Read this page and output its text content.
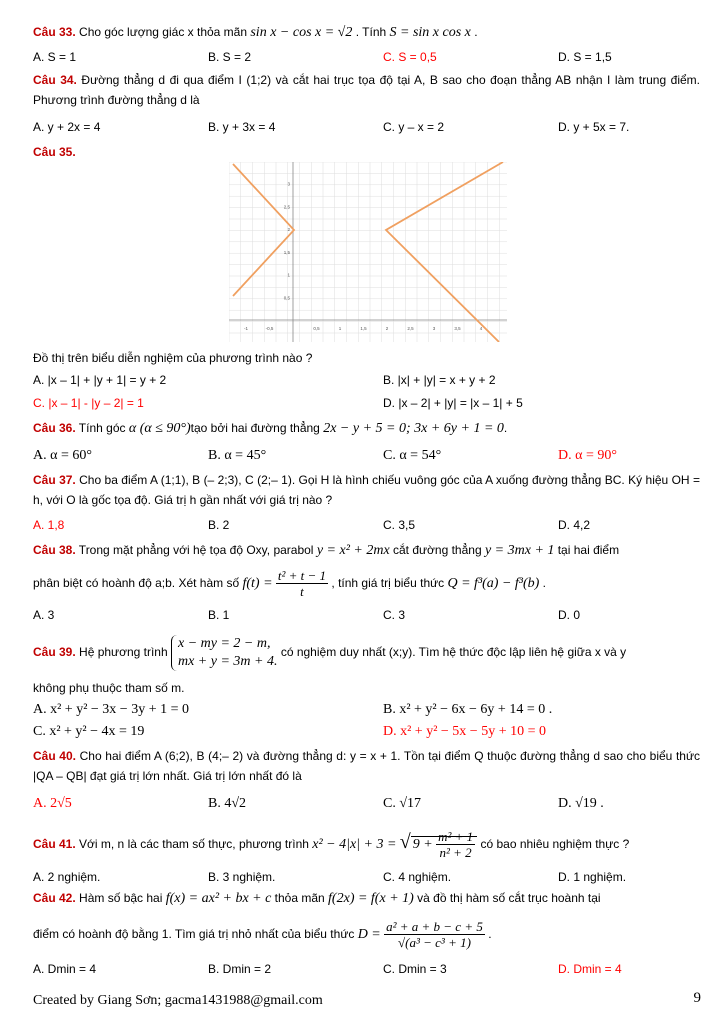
Câu 33. Cho góc lượng giác x thỏa mãn sin x − cos x = √2 . Tính S = sin x cos x .
A. S = 1	B. S = 2	C. S = 0,5	D. S = 1,5
Câu 34. Đường thẳng d đi qua điểm I (1;2) và cắt hai trục tọa độ tại A, B sao cho đoạn thẳng AB nhận I làm trung điểm. Phương trình đường thẳng d là
A. y + 2x = 4	B. y + 3x = 4	C. y – x = 2	D. y + 5x = 7.
Câu 35.
-1	-0,5	0,5	1	1,5	2	2,5	3	3,5	4
3
2,5
2
1,5
1
0,5
Đồ thị trên biểu diễn nghiệm của phương trình nào ?
A. |x – 1| + |y + 1| = y + 2	B. |x| + |y| = x + y + 2
C. |x – 1| - |y – 2| = 1	D. |x – 2| + |y| = |x – 1| + 5
Câu 36. Tính góc α (α ≤ 90°)tạo bởi hai đường thẳng 2x − y + 5 = 0; 3x + 6y + 1 = 0.
A. α = 60°	B. α = 45°	C. α = 54°	D. α = 90°
Câu 37. Cho ba điểm A (1;1), B (– 2;3), C (2;– 1). Gọi H là hình chiếu vuông góc của A xuống đường thẳng BC. Ký hiệu OH = h, với O là gốc tọa độ. Giá trị h gần nhất với giá trị nào ?
A. 1,8	B. 2	C. 3,5	D. 4,2
Câu 38. Trong mặt phẳng với hệ tọa độ Oxy, parabol y = x² + 2mx cắt đường thẳng y = 3mx + 1 tại hai điểm
phân biệt có hoành độ a;b. Xét hàm số $f(t) = \frac{\text{t² + t − 1}}{t}$ , tính giá trị biểu thức Q = f³(a) − f³(b) .
A. 3	B. 1	C. 3	D. 0
Câu 39. Hệ phương trình
x − my = 2 − m,
mx + y = 3m + 4.
có nghiệm duy nhất (x;y). Tìm hệ thức độc lập liên hệ giữa x và y
không phụ thuộc tham số m.
A. x² + y² − 3x − 3y + 1 = 0	B. x² + y² − 6x − 6y + 14 = 0 .
C. x² + y² − 4x = 19	D. x² + y² − 5x − 5y + 10 = 0
Câu 40. Cho hai điểm A (6;2), B (4;– 2) và đường thẳng d: y = x + 1. Tồn tại điểm Q thuộc đường thẳng d sao cho biểu thức |QA – QB| đạt giá trị lớn nhất. Giá trị lớn nhất đó là
A. 2√5	B. 4√2	C. √17	D. √19 .
Câu 41. Với m, n là các tham số thực, phương trình x² − 4|x| + 3 = √ $9 + \frac{\text{m² + 1}}{\text{n² + 2}}$ có bao nhiêu nghiệm thực ?
A. 2 nghiệm.	B. 3 nghiệm.	C. 4 nghiệm.	D. 1 nghiệm.
Câu 42. Hàm số bậc hai f(x) = ax² + bx + c thỏa mãn f(2x) = f(x + 1) và đồ thị hàm số cắt trục hoành tại
điểm có hoành độ bằng 1. Tìm giá trị nhỏ nhất của biểu thức $D = \frac{\text{a² + a + b − c + 5}}{\text{√(a³ − c³ + 1)}}$ .
A. Dmin = 4	B. Dmin = 2	C. Dmin = 3	D. Dmin = 4
Created by Giang Sơn; gacma1431988@gmail.com	9
